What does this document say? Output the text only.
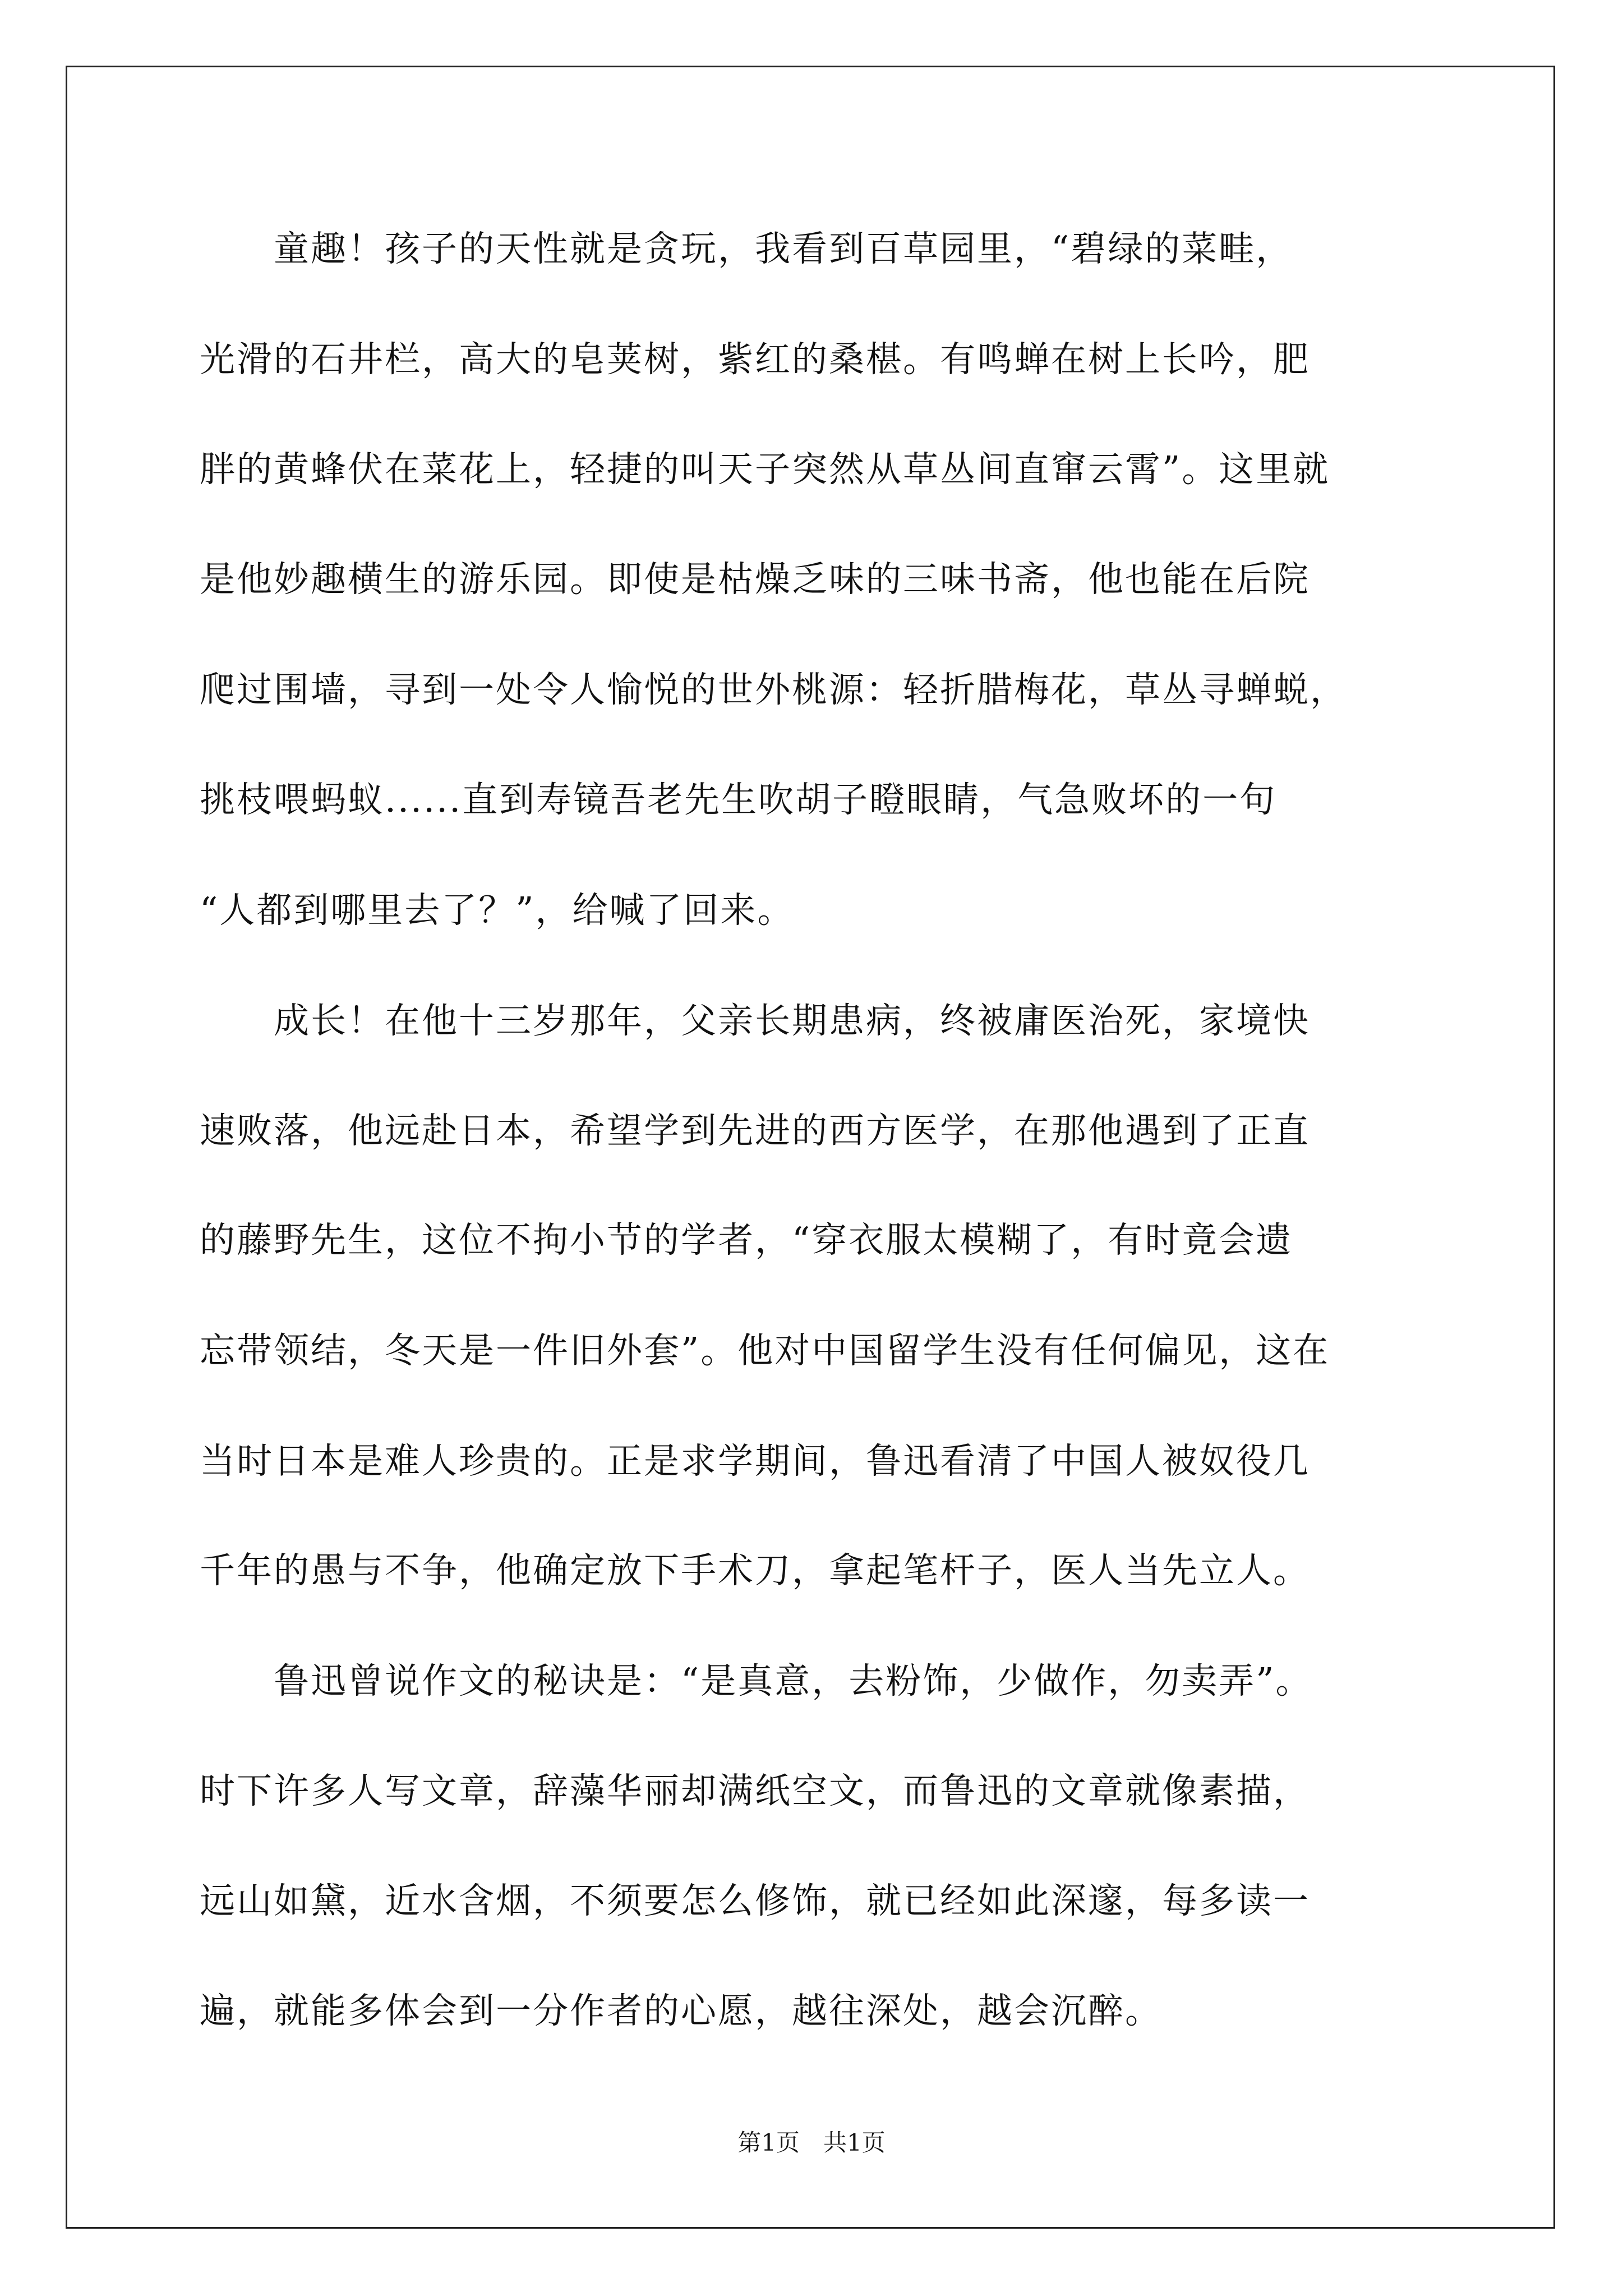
　　童趣！孩子的天性就是贪玩，我看到百草园里，“碧绿的菜畦，
光滑的石井栏，高大的皂荚树，紫红的桑椹。有鸣蝉在树上长吟，肥
胖的黄蜂伏在菜花上，轻捷的叫天子突然从草丛间直窜云霄”。这里就
是他妙趣横生的游乐园。即使是枯燥乏味的三味书斋，他也能在后院
爬过围墙，寻到一处令人愉悦的世外桃源：轻折腊梅花，草丛寻蝉蜕，
挑枝喂蚂蚁......直到寿镜吾老先生吹胡子瞪眼睛，气急败坏的一句
“人都到哪里去了？”，给喊了回来。
　　成长！在他十三岁那年，父亲长期患病，终被庸医治死，家境快
速败落，他远赴日本，希望学到先进的西方医学，在那他遇到了正直
的藤野先生，这位不拘小节的学者，“穿衣服太模糊了，有时竟会遗
忘带领结，冬天是一件旧外套”。他对中国留学生没有任何偏见，这在
当时日本是难人珍贵的。正是求学期间，鲁迅看清了中国人被奴役几
千年的愚与不争，他确定放下手术刀，拿起笔杆子，医人当先立人。
　　鲁迅曾说作文的秘诀是：“是真意，去粉饰，少做作，勿卖弄”。
时下许多人写文章，辞藻华丽却满纸空文，而鲁迅的文章就像素描，
远山如黛，近水含烟，不须要怎么修饰，就已经如此深邃，每多读一
遍，就能多体会到一分作者的心愿，越往深处，越会沉醉。
第1页　共1页
